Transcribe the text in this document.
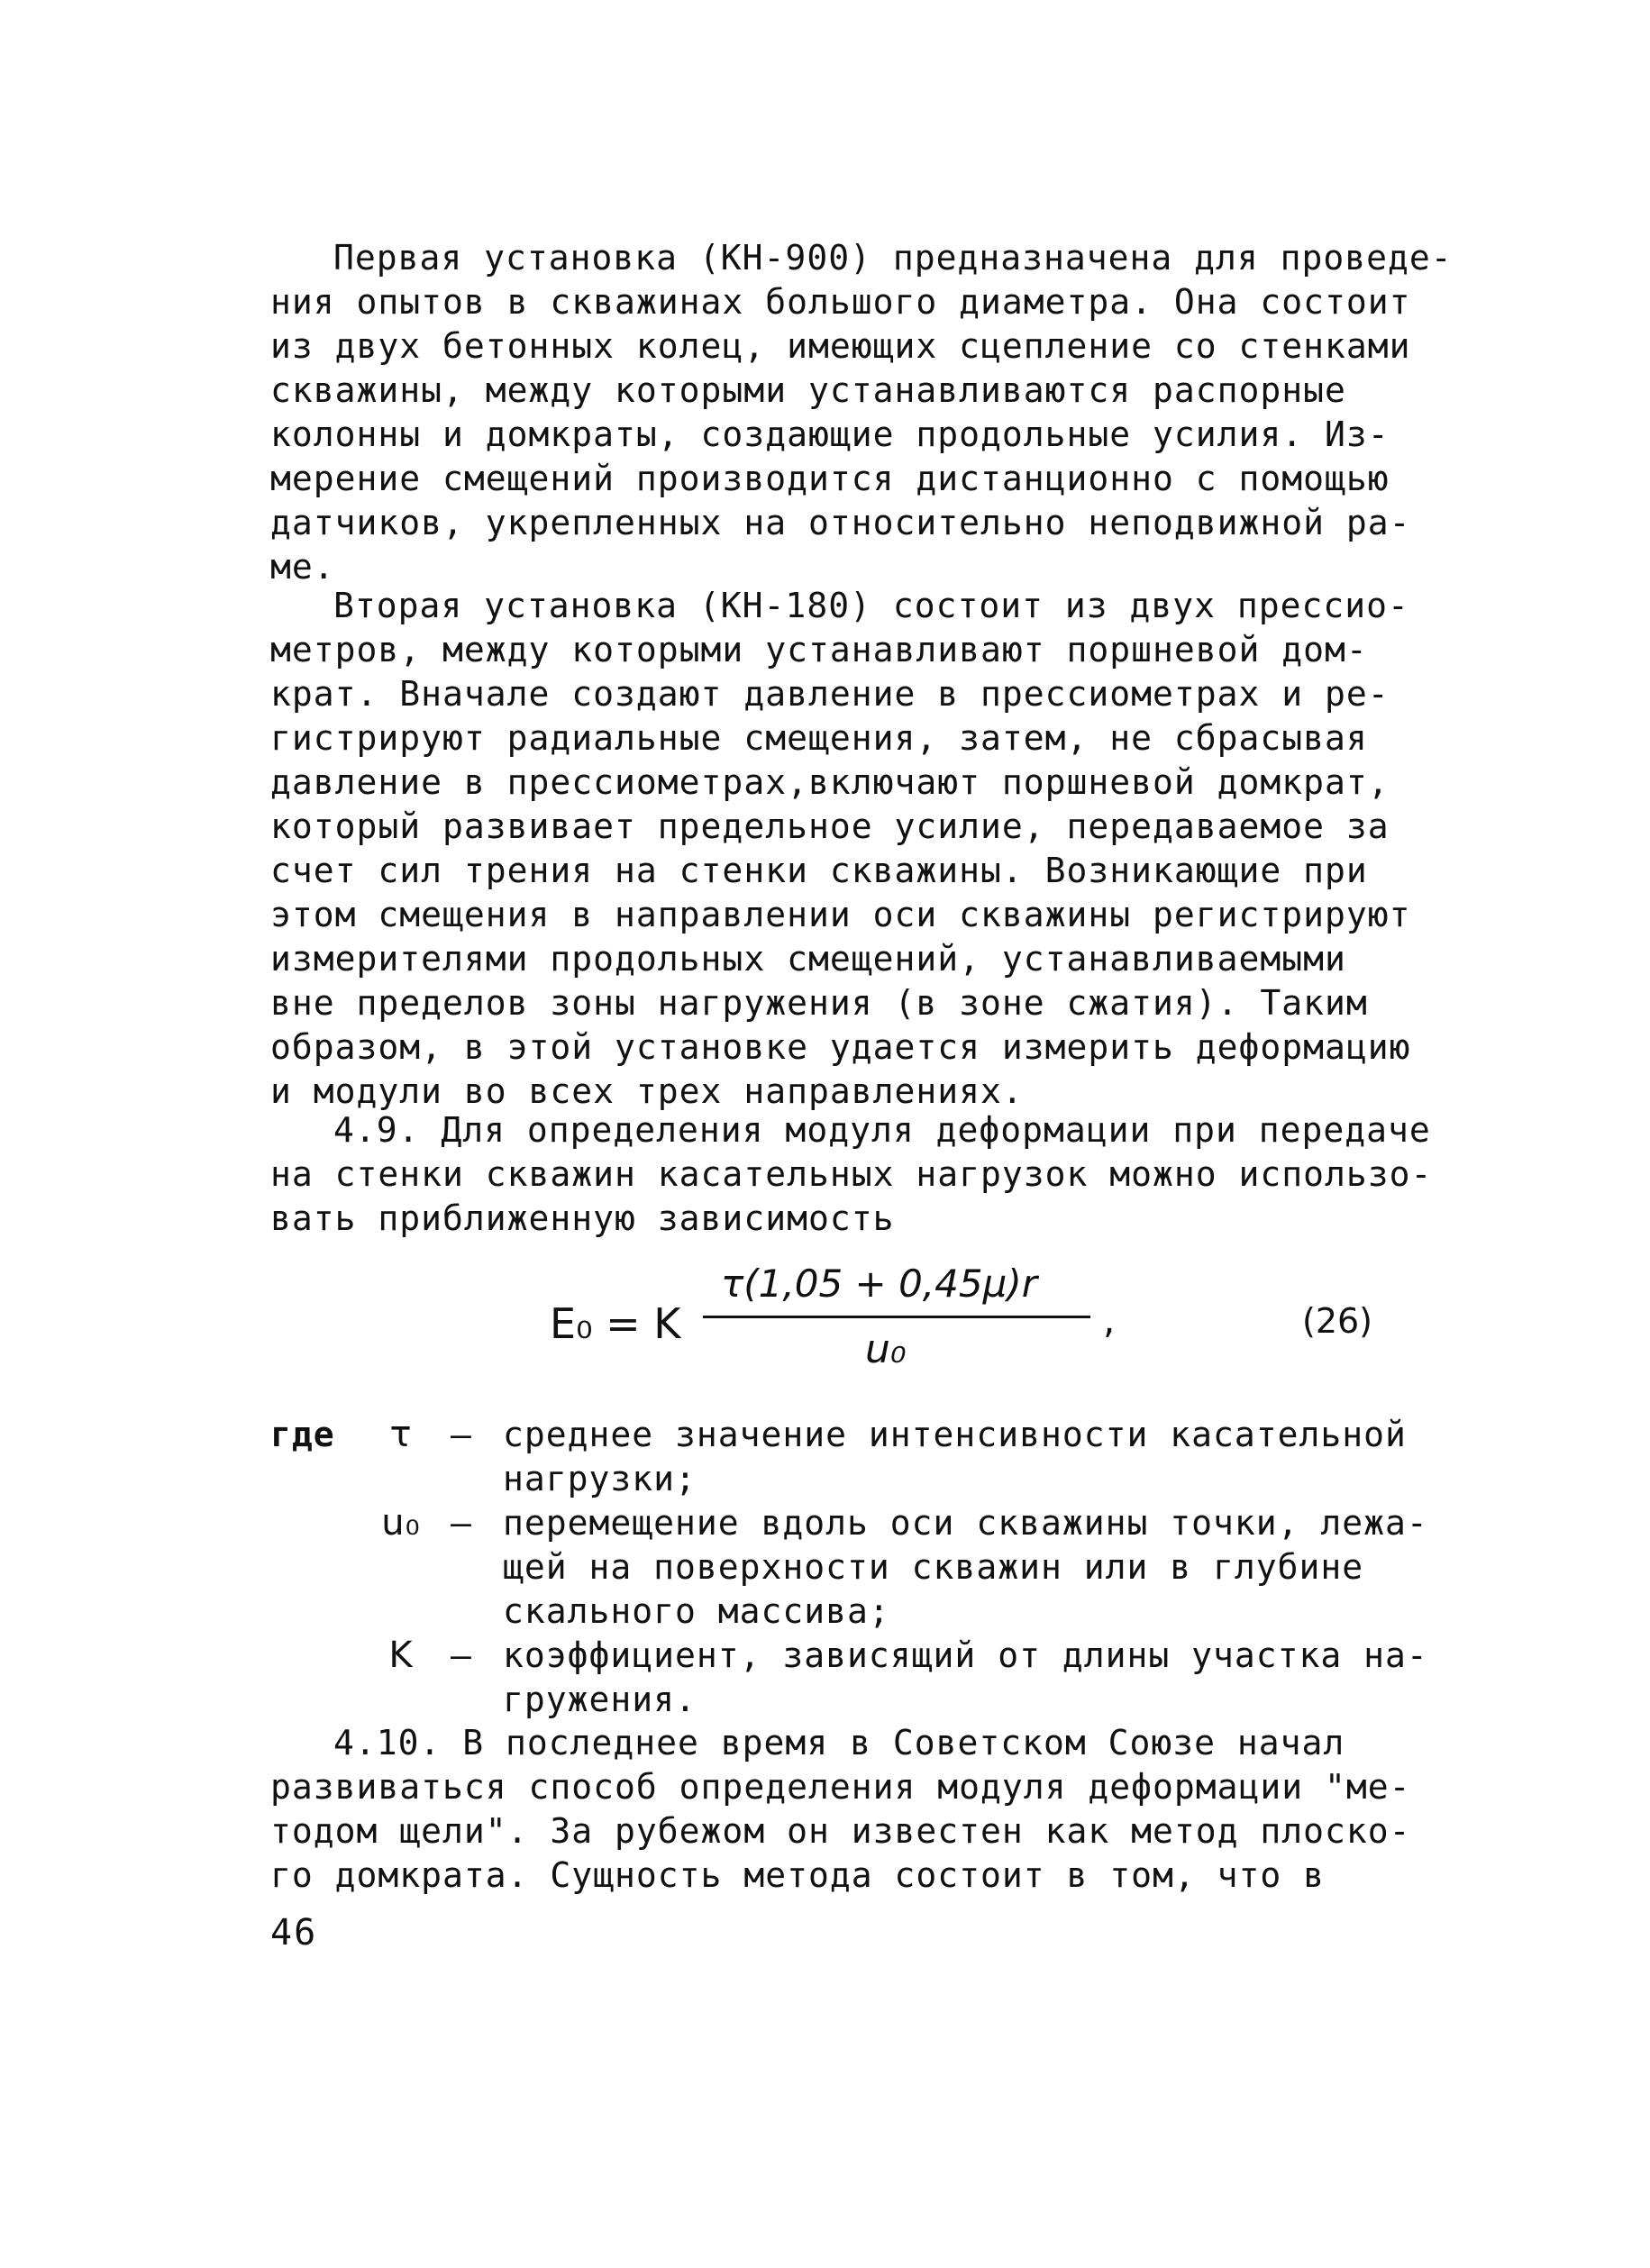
Первая установка (КН-900) предназначена для проведе-
ния опытов в скважинах большого диаметра. Она состоит
из двух бетонных колец, имеющих сцепление со стенками
скважины, между которыми устанавливаются распорные
колонны и домкраты, создающие продольные усилия. Из-
мерение смещений производится дистанционно с помощью
датчиков, укрепленных на относительно неподвижной ра-
ме.
Вторая установка (КН-180) состоит из двух прессио-
метров, между которыми устанавливают поршневой дом-
крат. Вначале создают давление в прессиометрах и ре-
гистрируют радиальные смещения, затем, не сбрасывая
давление в прессиометрах,включают поршневой домкрат,
который развивает предельное усилие, передаваемое за
счет сил трения на стенки скважины. Возникающие при
этом смещения в направлении оси скважины регистрируют
измерителями продольных смещений, устанавливаемыми
вне пределов зоны нагружения (в зоне сжатия). Таким
образом, в этой установке удается измерить деформацию
и модули во всех трех направлениях.
4.9. Для определения модуля деформации при передаче
на стенки скважин касательных нагрузок можно использо-
вать приближенную зависимость
E₀ = K
τ(1,05 + 0,45μ)r
,
u₀
(26)
где	τ	– среднее значение интенсивности касательной
нагрузки;
u₀ – перемещение вдоль оси скважины точки, лежа-
щей на поверхности скважин или в глубине
скального массива;
K	– коэффициент, зависящий от длины участка на-
гружения.
4.10. В последнее время в Советском Союзе начал
развиваться способ определения модуля деформации "ме-
тодом щели". За рубежом он известен как метод плоско-
го домкрата. Сущность метода состоит в том, что в
46
